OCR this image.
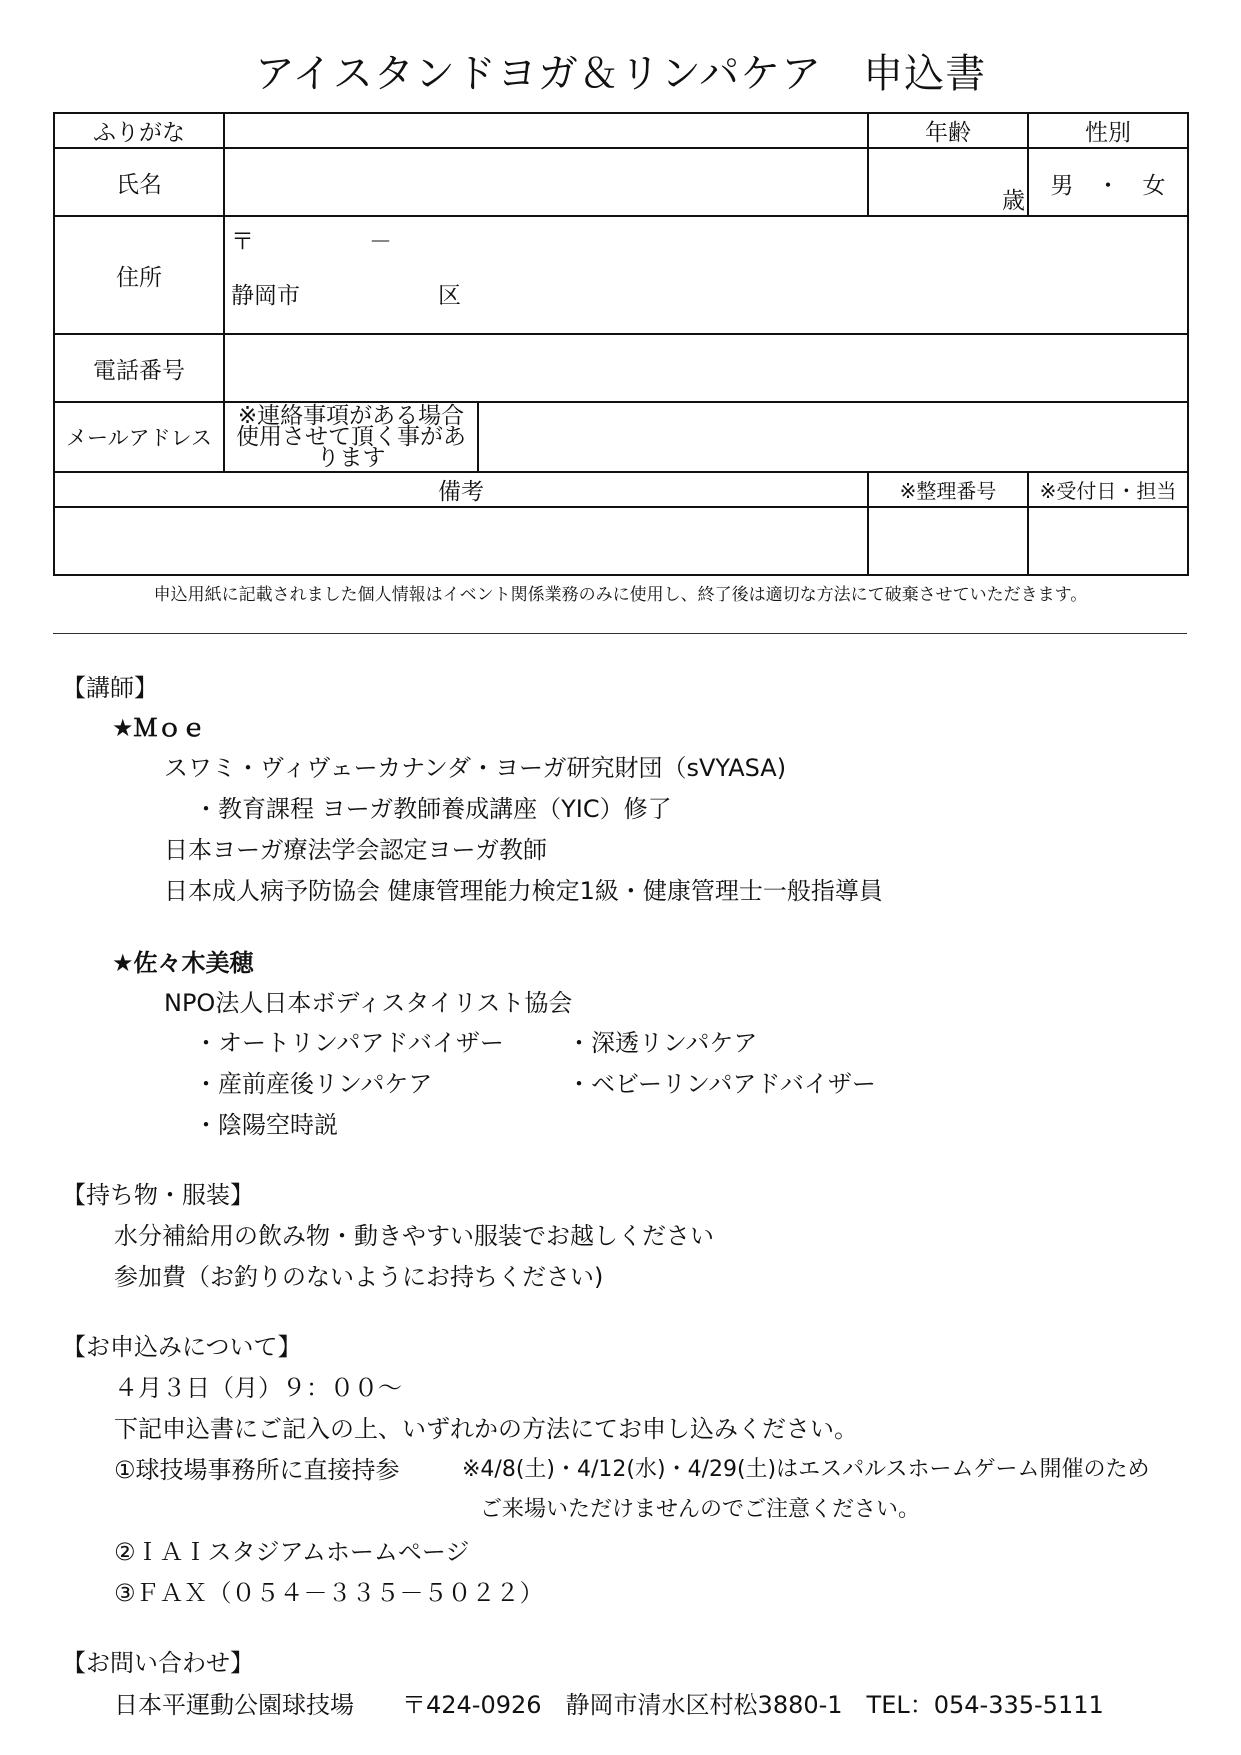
アイスタンドヨガ＆リンパケア　申込書
ふりがな			年齢	性別
氏名			歳	男　・　女
住所	〒　　　　　－
静岡市　　　　　　区			

電話番号				
メールアドレス	※連絡事項がある場合　使用させて頂く事があります			
備考			※整理番号	※受付日・担当

申込用紙に記載されました個人情報はイベント関係業務のみに使用し、終了後は適切な方法にて破棄させていただきます。
【講師】
★Ｍｏｅ
スワミ・ヴィヴェーカナンダ・ヨーガ研究財団（sVYASA)
・教育課程 ヨーガ教師養成講座（YIC）修了
日本ヨーガ療法学会認定ヨーガ教師
日本成人病予防協会 健康管理能力検定1級・健康管理士一般指導員
★佐々木美穂
NPO法人日本ボディスタイリスト協会
・オートリンパアドバイザー	・深透リンパケア
・産前産後リンパケア	・ベビーリンパアドバイザー
・陰陽空時説
【持ち物・服装】
水分補給用の飲み物・動きやすい服装でお越しください
参加費（お釣りのないようにお持ちください)
【お申込みについて】
４月３日（月）９：００～
下記申込書にご記入の上、いずれかの方法にてお申し込みください。
①球技場事務所に直接持参	※4/8(土)・4/12(水)・4/29(土)はエスパルスホームゲーム開催のため
ご来場いただけませんのでご注意ください。
②ＩＡＩスタジアムホームページ
③ＦＡＸ（０５４－３３５－５０２２）
【お問い合わせ】
日本平運動公園球技場　　〒424-0926　静岡市清水区村松3880-1　TEL：054-335-5111
